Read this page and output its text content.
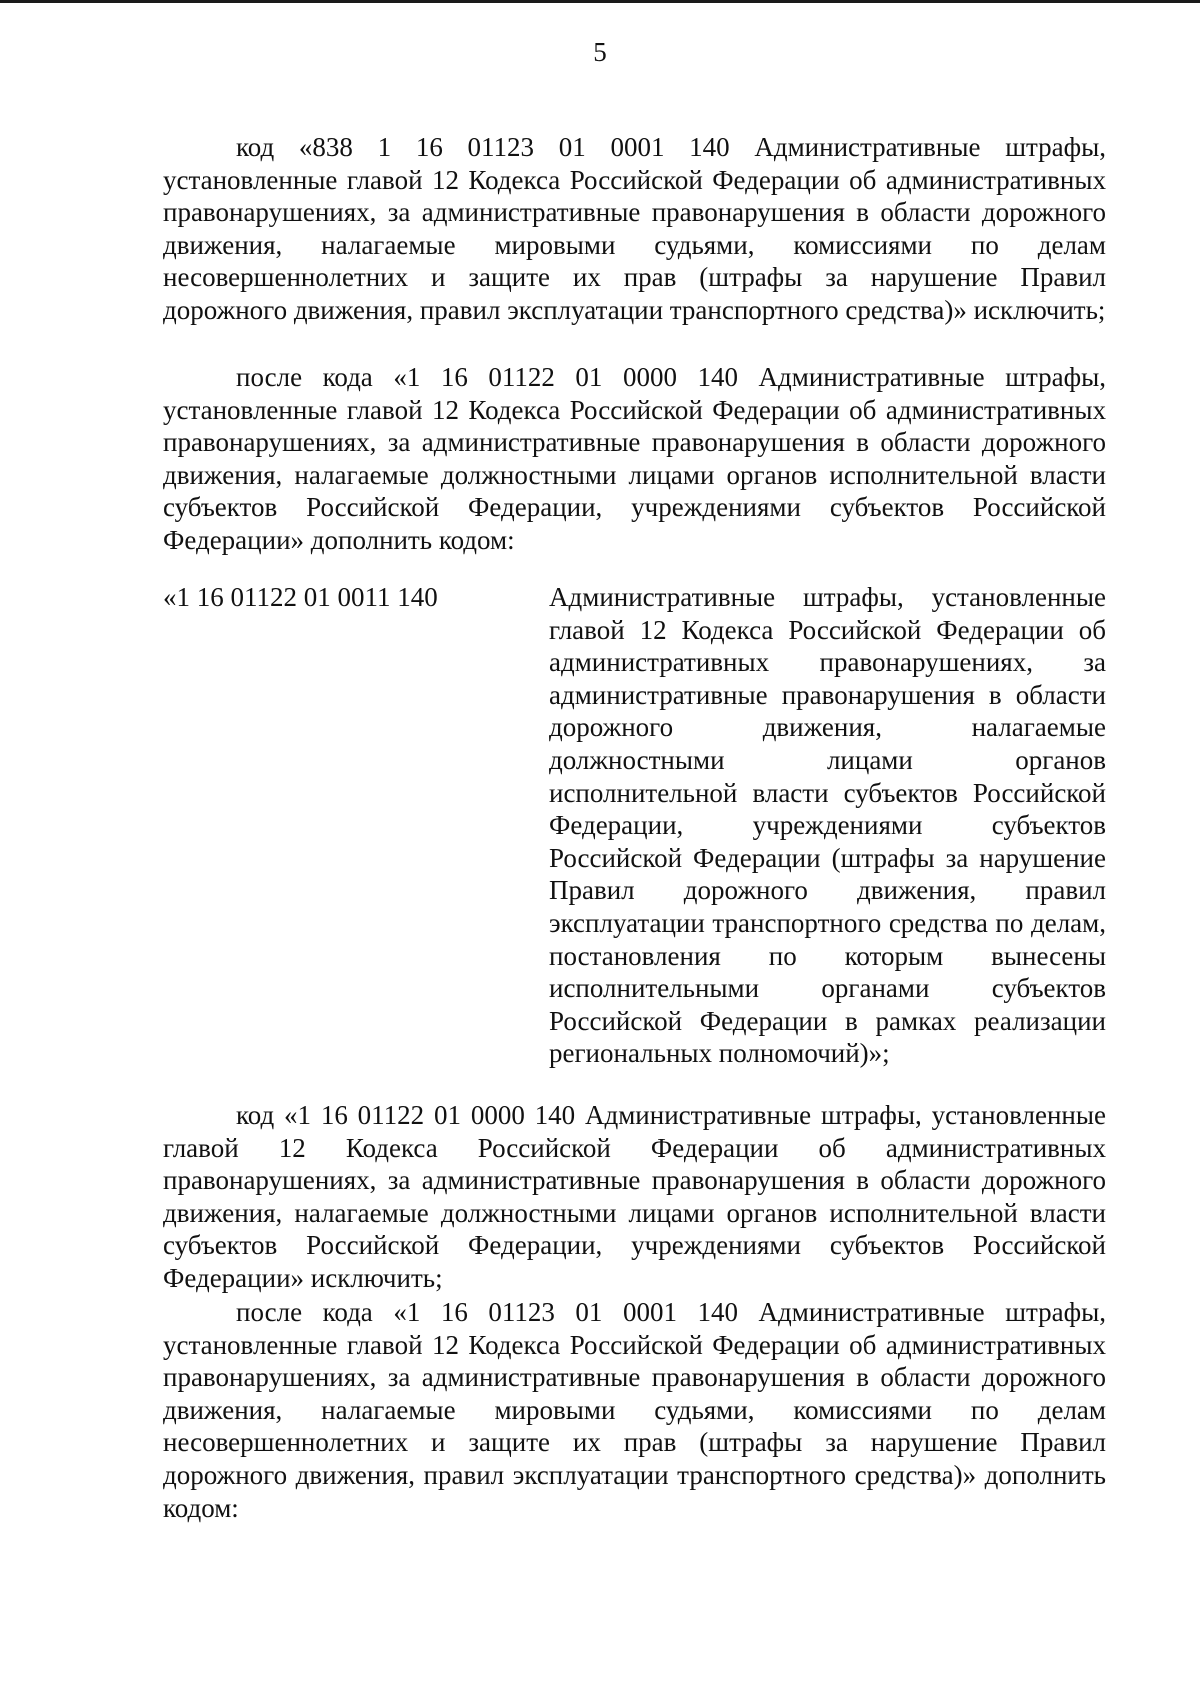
5

код «838 1 16 01123 01 0001 140 Административные штрафы, установленные главой 12 Кодекса Российской Федерации об административных правонарушениях, за административные правонарушения в области дорожного движения, налагаемые мировыми судьями, комиссиями по делам несовершеннолетних и защите их прав (штрафы за нарушение Правил дорожного движения, правил эксплуатации транспортного средства)» исключить;

после кода «1 16 01122 01 0000 140 Административные штрафы, установленные главой 12 Кодекса Российской Федерации об административных правонарушениях, за административные правонарушения в области дорожного движения, налагаемые должностными лицами органов исполнительной власти субъектов Российской Федерации, учреждениями субъектов Российской Федерации» дополнить кодом:

«1 16 01122 01 0011 140	Административные штрафы, установленные главой 12 Кодекса Российской Федерации об административных правонарушениях, за административные правонарушения в области дорожного движения, налагаемые должностными лицами органов исполнительной власти субъектов Российской Федерации, учреждениями субъектов Российской Федерации (штрафы за нарушение Правил дорожного движения, правил эксплуатации транспортного средства по делам, постановления по которым вынесены исполнительными органами субъектов Российской Федерации в рамках реализации региональных полномочий)»;

код «1 16 01122 01 0000 140 Административные штрафы, установленные главой 12 Кодекса Российской Федерации об административных правонарушениях, за административные правонарушения в области дорожного движения, налагаемые должностными лицами органов исполнительной власти субъектов Российской Федерации, учреждениями субъектов Российской Федерации» исключить;

после кода «1 16 01123 01 0001 140 Административные штрафы, установленные главой 12 Кодекса Российской Федерации об административных правонарушениях, за административные правонарушения в области дорожного движения, налагаемые мировыми судьями, комиссиями по делам несовершеннолетних и защите их прав (штрафы за нарушение Правил дорожного движения, правил эксплуатации транспортного средства)» дополнить кодом:
